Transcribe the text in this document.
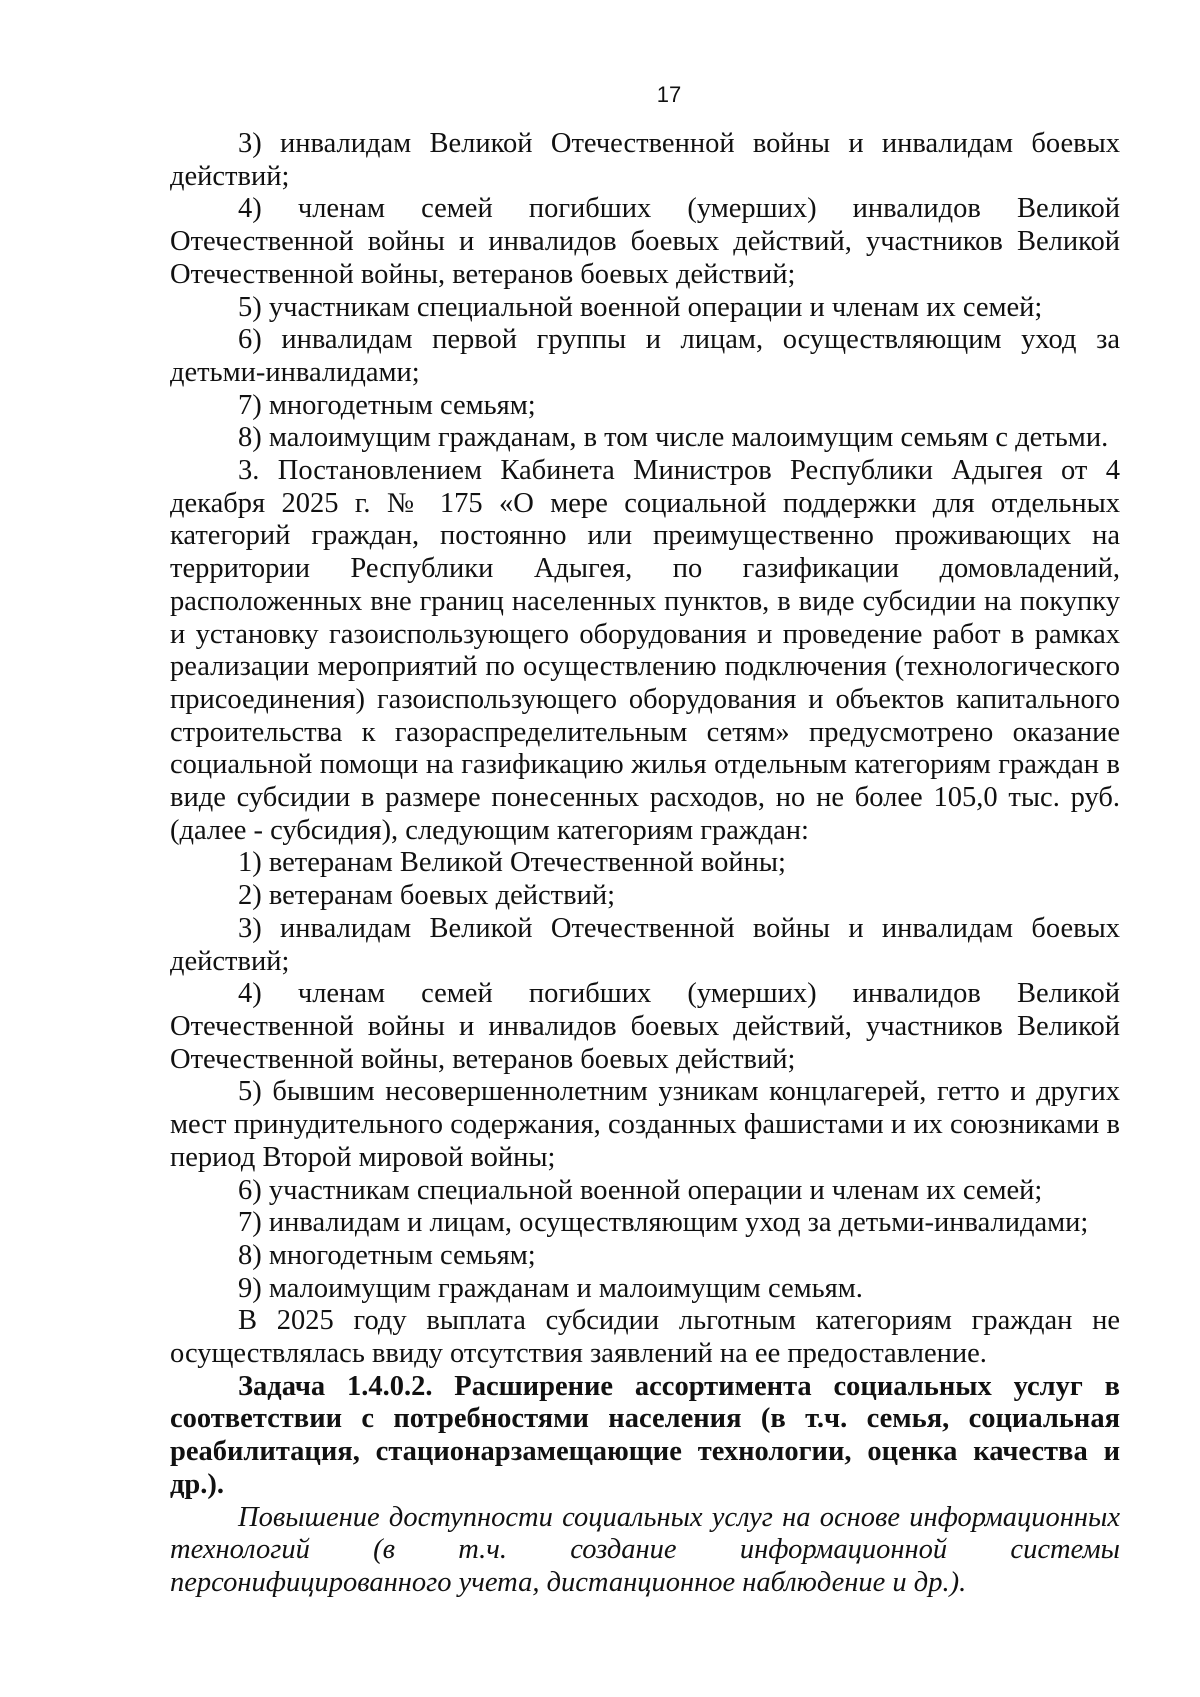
17

3) инвалидам Великой Отечественной войны и инвалидам боевых действий;

4) членам семей погибших (умерших) инвалидов Великой Отечественной войны и инвалидов боевых действий, участников Великой Отечественной войны, ветеранов боевых действий;

5) участникам специальной военной операции и членам их семей;

6) инвалидам первой группы и лицам, осуществляющим уход за детьми-инвалидами;

7) многодетным семьям;

8) малоимущим гражданам, в том числе малоимущим семьям с детьми.

3. Постановлением Кабинета Министров Республики Адыгея от 4 декабря 2025 г. № 175 «О мере социальной поддержки для отдельных категорий граждан, постоянно или преимущественно проживающих на территории Республики Адыгея, по газификации домовладений, расположенных вне границ населенных пунктов, в виде субсидии на покупку и установку газоиспользующего оборудования и проведение работ в рамках реализации мероприятий по осуществлению подключения (технологического присоединения) газоиспользующего оборудования и объектов капитального строительства к газораспределительным сетям» предусмотрено оказание социальной помощи на газификацию жилья отдельным категориям граждан в виде субсидии в размере понесенных расходов, но не более 105,0 тыс. руб. (далее - субсидия), следующим категориям граждан:

1) ветеранам Великой Отечественной войны;

2) ветеранам боевых действий;

3) инвалидам Великой Отечественной войны и инвалидам боевых действий;

4) членам семей погибших (умерших) инвалидов Великой Отечественной войны и инвалидов боевых действий, участников Великой Отечественной войны, ветеранов боевых действий;

5) бывшим несовершеннолетним узникам концлагерей, гетто и других мест принудительного содержания, созданных фашистами и их союзниками в период Второй мировой войны;

6) участникам специальной военной операции и членам их семей;

7) инвалидам и лицам, осуществляющим уход за детьми-инвалидами;

8) многодетным семьям;

9) малоимущим гражданам и малоимущим семьям.

В 2025 году выплата субсидии льготным категориям граждан не осуществлялась ввиду отсутствия заявлений на ее предоставление.

Задача 1.4.0.2. Расширение ассортимента социальных услуг в соответствии с потребностями населения (в т.ч. семья, социальная реабилитация, стационарзамещающие технологии, оценка качества и др.).

Повышение доступности социальных услуг на основе информационных технологий (в т.ч. создание информационной системы персонифицированного учета, дистанционное наблюдение и др.).
